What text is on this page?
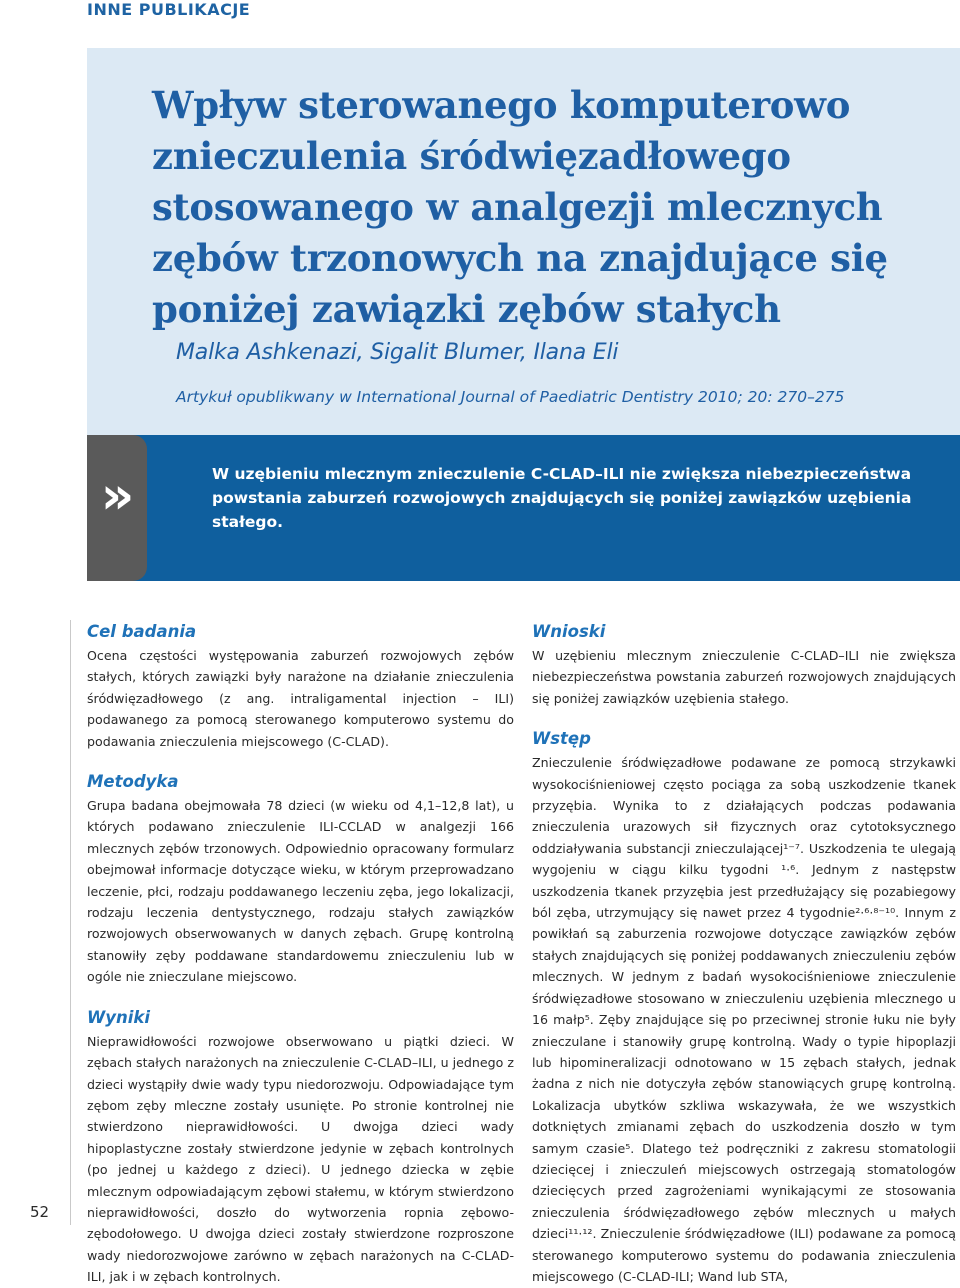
INNE PUBLIKACJE
Wpływ sterowanego komputerowo
znieczulenia śródwięzadłowego
stosowanego w analgezji mlecznych
zębów trzonowych na znajdujące się
poniżej zawiązki zębów stałych
Malka Ashkenazi, Sigalit Blumer, Ilana Eli
Artykuł opublikwany w International Journal of Paediatric Dentistry 2010; 20: 270–275
»	W uzębieniu mlecznym znieczulenie C-CLAD–ILI nie zwiększa niebezpieczeństwa powstania zaburzeń rozwojowych znajdujących się poniżej zawiązków uzębienia stałego.
Cel badania
Ocena częstości występowania zaburzeń rozwojowych zębów stałych, których zawiązki były narażone na działanie znieczulenia śródwięzadłowego (z ang. intraligamental injection – ILI) podawanego za pomocą sterowanego komputerowo systemu do podawania znieczulenia miejscowego (C-CLAD).
Metodyka
Grupa badana obejmowała 78 dzieci (w wieku od 4,1–12,8 lat), u których podawano znieczulenie ILI-CCLAD w analgezji 166 mlecznych zębów trzonowych. Odpowiednio opracowany formularz obejmował informacje dotyczące wieku, w którym przeprowadzano leczenie, płci, rodzaju poddawanego leczeniu zęba, jego lokalizacji, rodzaju leczenia dentystycznego, rodzaju stałych zawiązków rozwojowych obserwowanych w danych zębach. Grupę kontrolną stanowiły zęby poddawane standardowemu znieczuleniu lub w ogóle nie znieczulane miejscowo.
Wyniki
Nieprawidłowości rozwojowe obserwowano u piątki dzieci. W zębach stałych narażonych na znieczulenie C-CLAD–ILI, u jednego z dzieci wystąpiły dwie wady typu niedorozwoju. Odpowiadające tym zębom zęby mleczne zostały usunięte. Po stronie kontrolnej nie stwierdzono nieprawidłowości. U dwojga dzieci wady hipoplastyczne zostały stwierdzone jedynie w zębach kontrolnych (po jednej u każdego z dzieci). U jednego dziecka w zębie mlecznym odpowiadającym zębowi stałemu, w którym stwierdzono nieprawidłowości, doszło do wytworzenia ropnia zębowo-zębodołowego. U dwojga dzieci zostały stwierdzone rozproszone wady niedorozwojowe zarówno w zębach narażonych na C-CLAD-ILI, jak i w zębach kontrolnych.
Wnioski
W uzębieniu mlecznym znieczulenie C-CLAD–ILI nie zwiększa niebezpieczeństwa powstania zaburzeń rozwojowych znajdujących się poniżej zawiązków uzębienia stałego.
Wstęp
Znieczulenie śródwięzadłowe podawane ze pomocą strzykawki wysokociśnieniowej często pociąga za sobą uszkodzenie tkanek przyzębia. Wynika to z działających podczas podawania znieczulenia urazowych sił fizycznych oraz cytotoksycznego oddziaływania substancji znieczulającej¹⁻⁷. Uszkodzenia te ulegają wygojeniu w ciągu kilku tygodni ¹·⁶. Jednym z następstw uszkodzenia tkanek przyzębia jest przedłużający się pozabiegowy ból zęba, utrzymujący się nawet przez 4 tygodnie²·⁶·⁸⁻¹⁰. Innym z powikłań są zaburzenia rozwojowe dotyczące zawiązków zębów stałych znajdujących się poniżej poddawanych znieczuleniu zębów mlecznych. W jednym z badań wysokociśnieniowe znieczulenie śródwięzadłowe stosowano w znieczuleniu uzębienia mlecznego u 16 małp⁵. Zęby znajdujące się po przeciwnej stronie łuku nie były znieczulane i stanowiły grupę kontrolną. Wady o typie hipoplazji lub hipomineralizacji odnotowano w 15 zębach stałych, jednak żadna z nich nie dotyczyła zębów stanowiących grupę kontrolną. Lokalizacja ubytków szkliwa wskazywała, że we wszystkich dotkniętych zmianami zębach do uszkodzenia doszło w tym samym czasie⁵. Dlatego też podręczniki z zakresu stomatologii dziecięcej i znieczuleń miejscowych ostrzegają stomatologów dziecięcych przed zagrożeniami wynikającymi ze stosowania znieczulenia śródwięzadłowego zębów mlecznych u małych dzieci¹¹·¹². Znieczulenie śródwięzadłowe (ILI) podawane za pomocą sterowanego komputerowo systemu do podawania znieczulenia miejscowego (C-CLAD-ILI; Wand lub STA,
52
